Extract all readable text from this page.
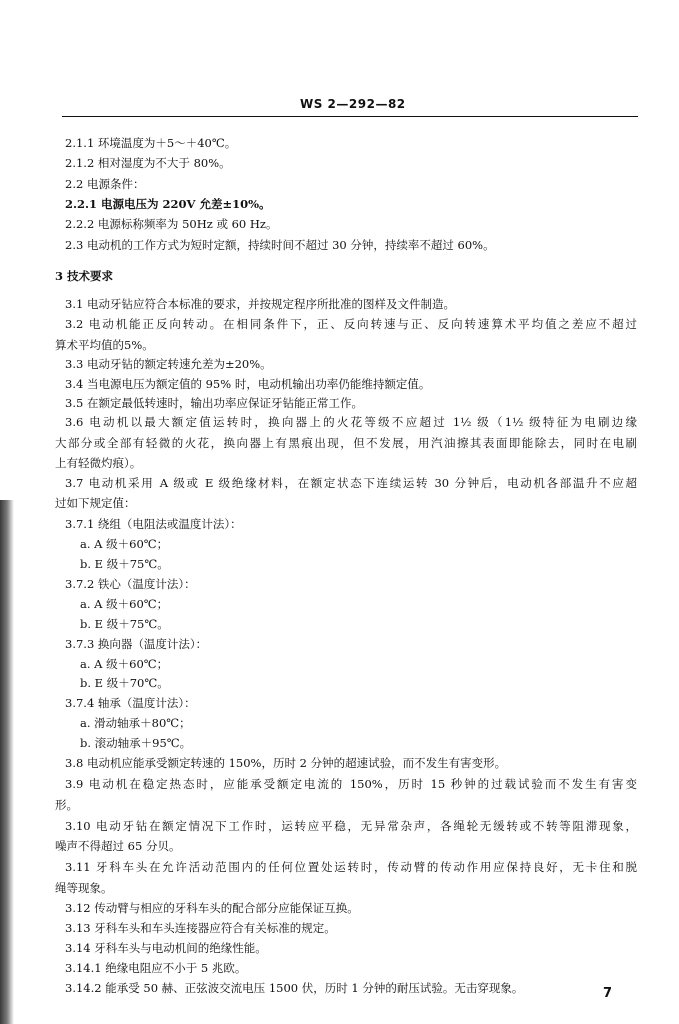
WS 2—292—82
2.1.1 环境温度为＋5～＋40℃。
2.1.2 相对湿度为不大于 80%。
2.2 电源条件：
2.2.1 电源电压为 220V 允差±10%。
2.2.2 电源标称频率为 50Hz 或 60 Hz。
2.3 电动机的工作方式为短时定额，持续时间不超过 30 分钟，持续率不超过 60%。
3 技术要求
3.1 电动牙钻应符合本标准的要求，并按规定程序所批准的图样及文件制造。
3.2 电动机能正反向转动。在相同条件下，正、反向转速与正、反向转速算术平均值之差应不超过
算术平均值的5%。
3.3 电动牙钻的额定转速允差为±20%。
3.4 当电源电压为额定值的 95% 时，电动机输出功率仍能维持额定值。
3.5 在额定最低转速时，输出功率应保证牙钻能正常工作。
3.6 电动机以最大额定值运转时，换向器上的火花等级不应超过 1½ 级（1½ 级特征为电刷边缘
大部分或全部有轻微的火花，换向器上有黑痕出现，但不发展，用汽油擦其表面即能除去，同时在电刷
上有轻微灼痕）。
3.7 电动机采用 A 级或 E 级绝缘材料，在额定状态下连续运转 30 分钟后，电动机各部温升不应超
过如下规定值：
3.7.1 绕组（电阻法或温度计法）：
a. A 级＋60℃；
b. E 级＋75℃。
3.7.2 铁心（温度计法）：
a. A 级＋60℃；
b. E 级＋75℃。
3.7.3 换向器（温度计法）：
a. A 级＋60℃；
b. E 级＋70℃。
3.7.4 轴承（温度计法）：
a. 滑动轴承＋80℃；
b. 滚动轴承＋95℃。
3.8 电动机应能承受额定转速的 150%，历时 2 分钟的超速试验，而不发生有害变形。
3.9 电动机在稳定热态时，应能承受额定电流的 150%，历时 15 秒钟的过载试验而不发生有害变
形。
3.10 电动牙钻在额定情况下工作时，运转应平稳，无异常杂声，各绳轮无缓转或不转等阻滞现象，
噪声不得超过 65 分贝。
3.11 牙科车头在允许活动范围内的任何位置处运转时，传动臂的传动作用应保持良好，无卡住和脱
绳等现象。
3.12 传动臂与相应的牙科车头的配合部分应能保证互换。
3.13 牙科车头和车头连接器应符合有关标准的规定。
3.14 牙科车头与电动机间的绝缘性能。
3.14.1 绝缘电阻应不小于 5 兆欧。
3.14.2 能承受 50 赫、正弦波交流电压 1500 伏，历时 1 分钟的耐压试验。无击穿现象。	7
